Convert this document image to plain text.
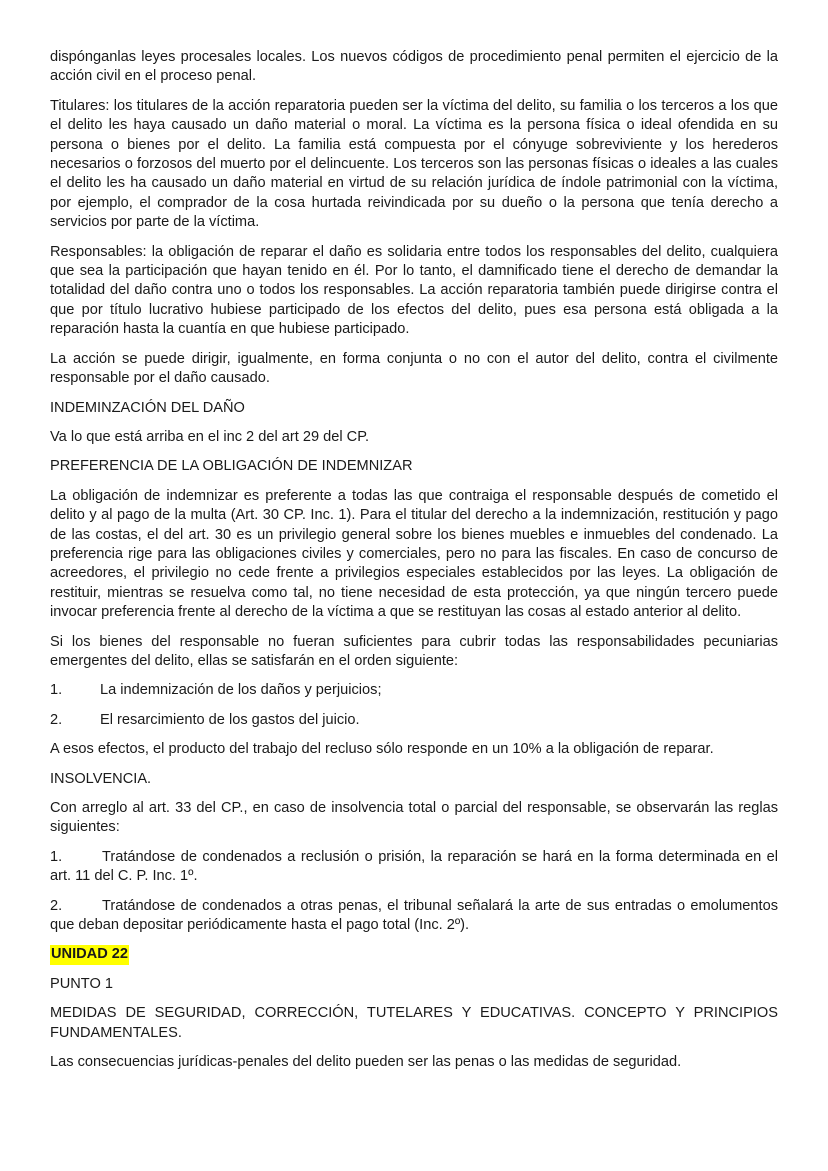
dispónganlas leyes procesales locales. Los nuevos códigos de procedimiento penal permiten el ejercicio de la acción civil en el proceso penal.

Titulares: los titulares de la acción reparatoria pueden ser la víctima del delito, su familia o los terceros a los que el delito les haya causado un daño material o moral. La víctima es la persona física o ideal ofendida en su persona o bienes por el delito. La familia está compuesta por el cónyuge sobreviviente y los herederos necesarios o forzosos del muerto por el delincuente. Los terceros son las personas físicas o ideales a las cuales el delito les ha causado un daño material en virtud de su relación jurídica de índole patrimonial con la víctima, por ejemplo, el comprador de la cosa hurtada reivindicada por su dueño o la persona que tenía derecho a servicios por parte de la víctima.

Responsables: la obligación de reparar el daño es solidaria entre todos los responsables del delito, cualquiera que sea la participación que hayan tenido en él. Por lo tanto, el damnificado tiene el derecho de demandar la totalidad del daño contra uno o todos los responsables. La acción reparatoria también puede dirigirse contra el que por título lucrativo hubiese participado de los efectos del delito, pues esa persona está obligada a la reparación hasta la cuantía en que hubiese participado.

La acción se puede dirigir, igualmente, en forma conjunta o no con el autor del delito, contra el civilmente responsable por el daño causado.

INDEMINZACIÓN DEL DAÑO

Va lo que está arriba en el inc 2 del art 29 del CP.

PREFERENCIA DE LA OBLIGACIÓN DE INDEMNIZAR

La obligación de indemnizar es preferente a todas las que contraiga el responsable después de cometido el delito y al pago de la multa (Art. 30 CP. Inc. 1). Para el titular del derecho a la indemnización, restitución y pago de las costas, el del art. 30 es un privilegio general sobre los bienes muebles e inmuebles del condenado. La preferencia rige para las obligaciones civiles y comerciales, pero no para las fiscales. En caso de concurso de acreedores, el privilegio no cede frente a privilegios especiales establecidos por las leyes. La obligación de restituir, mientras se resuelva como tal, no tiene necesidad de esta protección, ya que ningún tercero puede invocar preferencia frente al derecho de la víctima a que se restituyan las cosas al estado anterior al delito.

Si los bienes del responsable no fueran suficientes para cubrir todas las responsabilidades pecuniarias emergentes del delito, ellas se satisfarán en el orden siguiente:

1.	La indemnización de los daños y perjuicios;
2.	El resarcimiento de los gastos del juicio.

A esos efectos, el producto del trabajo del recluso sólo responde en un 10% a la obligación de reparar.

INSOLVENCIA.

Con arreglo al art. 33 del CP., en caso de insolvencia total o parcial del responsable, se observarán las reglas siguientes:

1.	Tratándose de condenados a reclusión o prisión, la reparación se hará en la forma determinada en el art. 11 del C. P. Inc. 1º.

2.	Tratándose de condenados a otras penas, el tribunal señalará la arte de sus entradas o emolumentos que deban depositar periódicamente hasta el pago total (Inc. 2º).

UNIDAD 22

PUNTO 1

MEDIDAS DE SEGURIDAD, CORRECCIÓN, TUTELARES Y EDUCATIVAS. CONCEPTO Y PRINCIPIOS FUNDAMENTALES.

Las consecuencias jurídicas-penales del delito pueden ser las penas o las medidas de seguridad.
